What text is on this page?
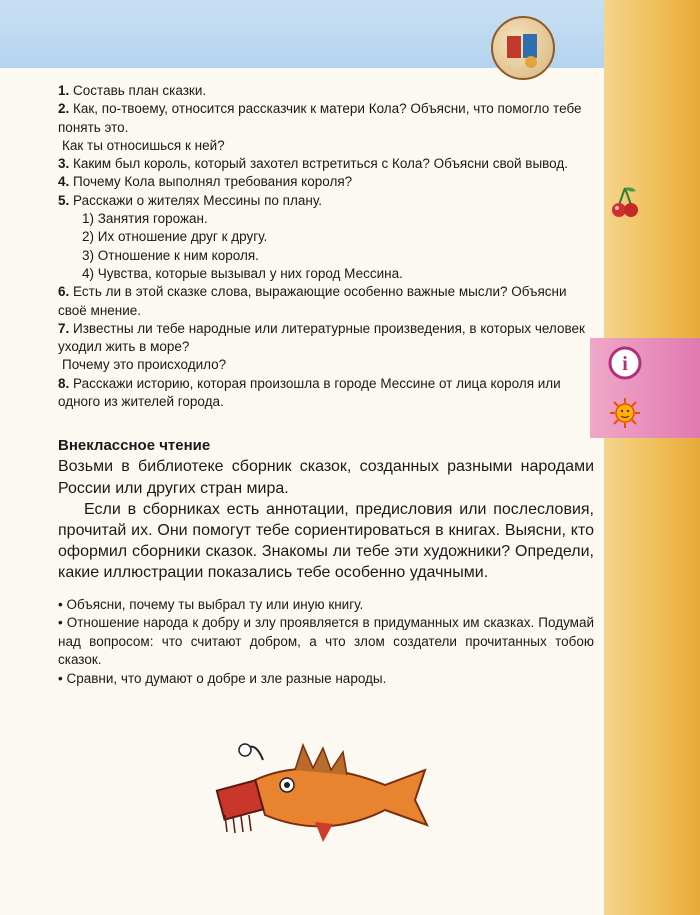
i

1. Составь план сказки.

2. Как, по-твоему, относится рассказчик к матери Кола? Объясни, что помогло тебе понять это.

Как ты относишься к ней?

3. Каким был король, который захотел встретиться с Кола? Объясни свой вывод.

4. Почему Кола выполнял требования короля?

5. Расскажи о жителях Мессины по плану.

1) Занятия горожан.
2) Их отношение друг к другу.
3) Отношение к ним короля.
4) Чувства, которые вызывал у них город Мессина.

6. Есть ли в этой сказке слова, выражающие особенно важные мысли? Объясни своё мнение.

7. Известны ли тебе народные или литературные произведения, в которых человек уходил жить в море?

Почему это происходило?

8. Расскажи историю, которая произошла в городе Мессине от лица короля или одного из жителей города.

Внеклассное чтение

Возьми в библиотеке сборник сказок, созданных разными народами России или других стран мира.

Если в сборниках есть аннотации, предисловия или послесловия, прочитай их. Они помогут тебе сориентироваться в книгах. Выясни, кто оформил сборники сказок. Знакомы ли тебе эти художники? Определи, какие иллюстрации показались тебе особенно удачными.

• Объясни, почему ты выбрал ту или иную книгу.
• Отношение народа к добру и злу проявляется в придуманных им сказках. Подумай над вопросом: что считают добром, а что злом создатели прочитанных тобою сказок.
• Сравни, что думают о добре и зле разные народы.
